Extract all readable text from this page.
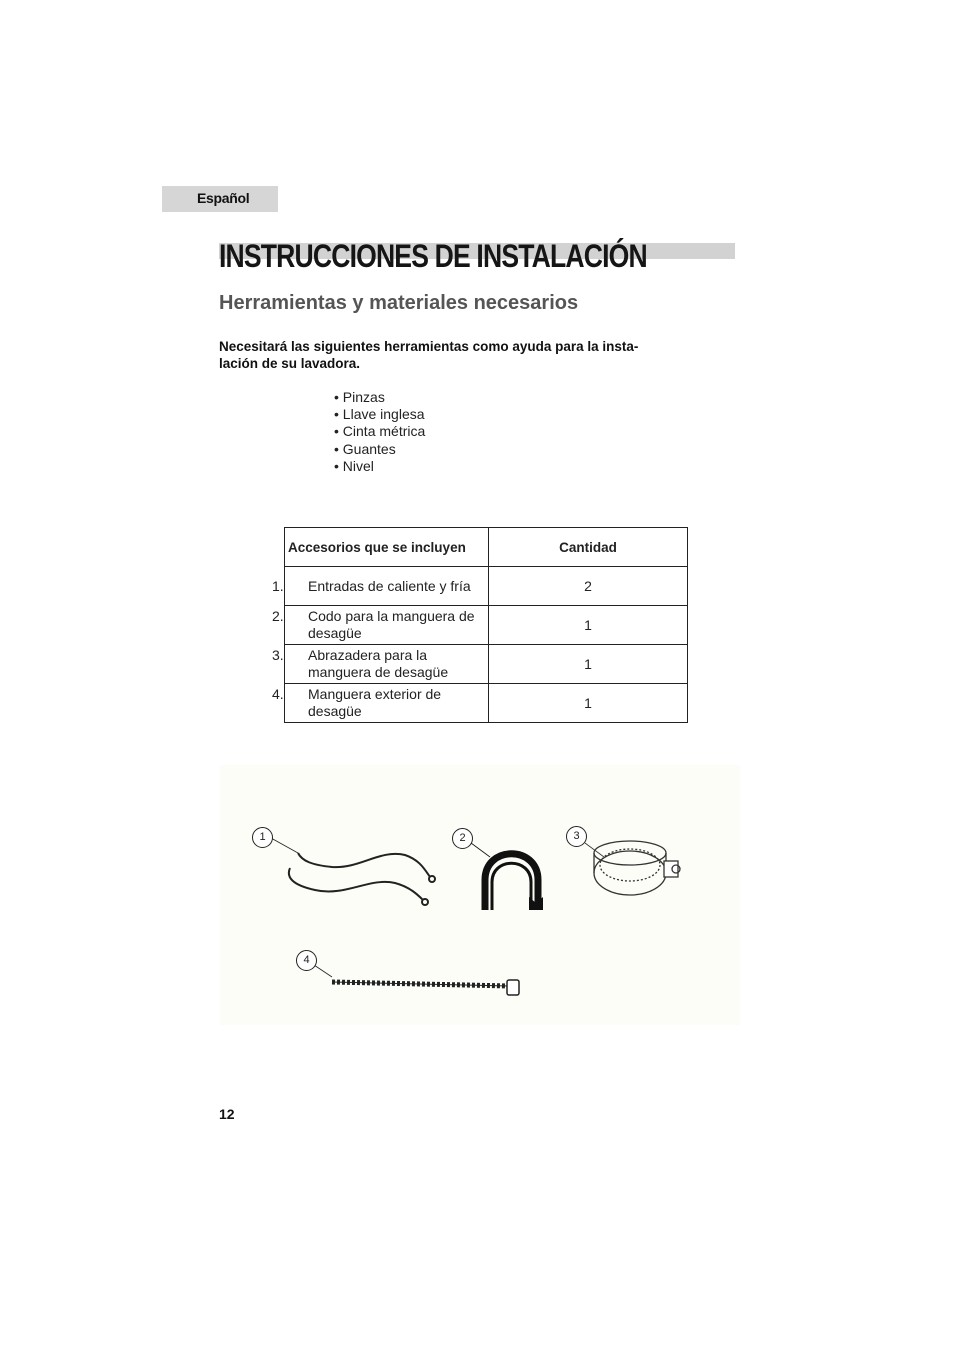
Español
INSTRUCCIONES DE INSTALACIÓN
Herramientas y materiales necesarios

Necesitará las siguientes herramientas como ayuda para la insta-
lación de su lavadora.

• Pinzas
• Llave inglesa
• Cinta métrica
• Guantes
• Nivel
Accesorios que se incluyen	Cantidad

1. Entradas de caliente y fría	2

2. Codo para la manguera de desagüe	1

3. Abrazadera para la manguera de desagüe	1

4. Manguera exterior de desagüe	1
1	2	3
4
12
